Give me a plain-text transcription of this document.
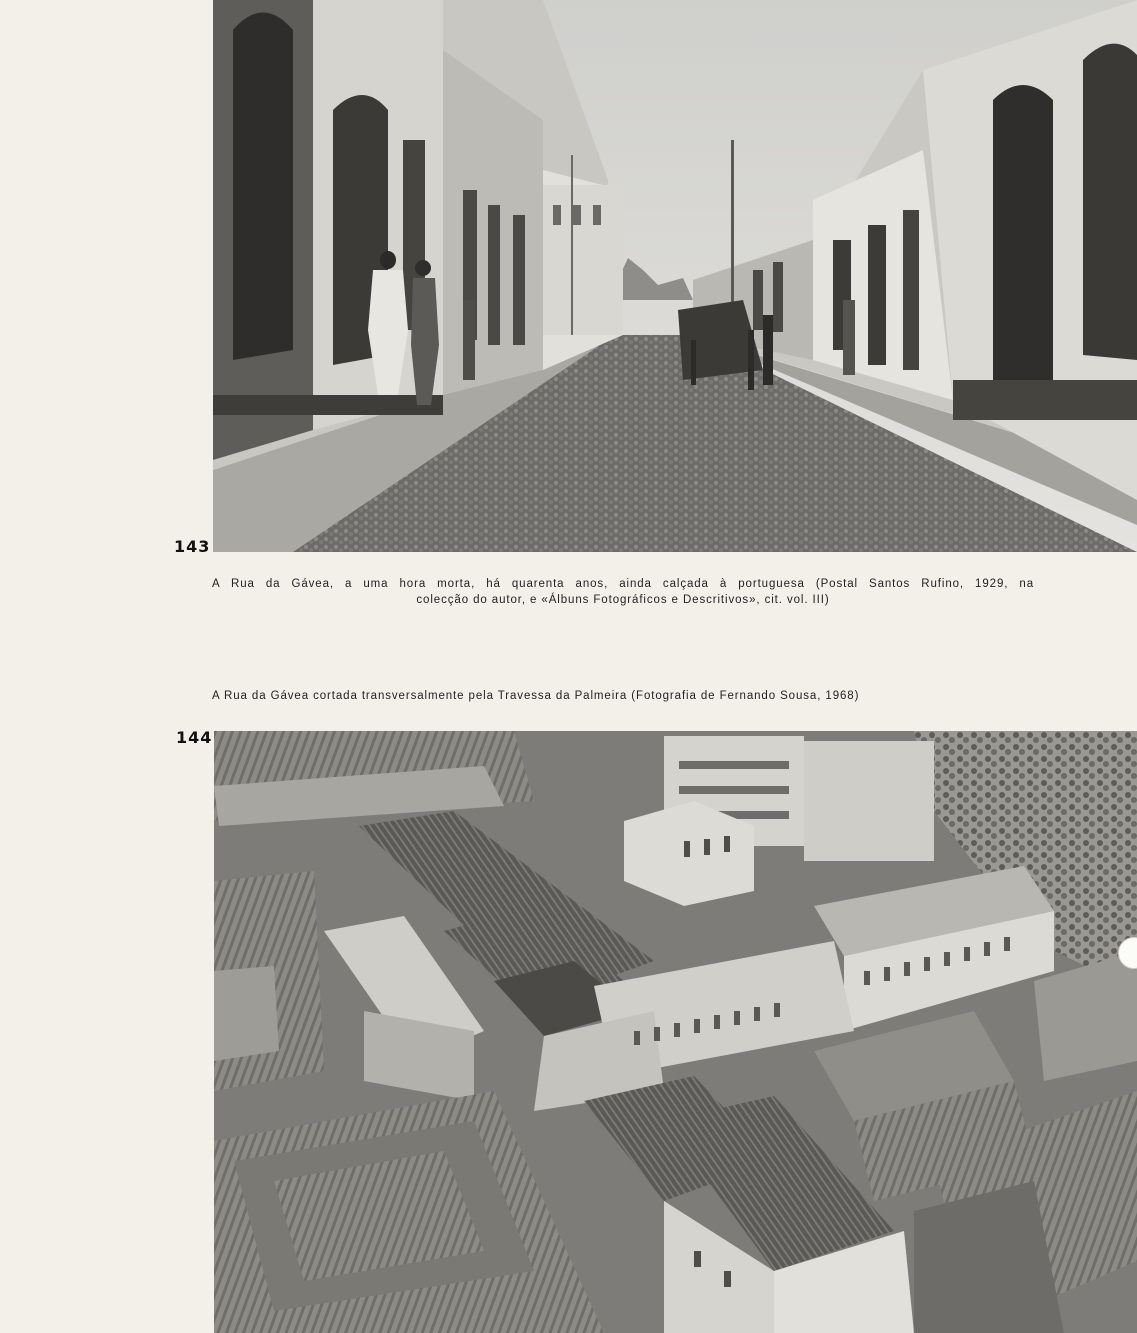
143
A Rua da Gávea, a uma hora morta, há quarenta anos, ainda calçada à portuguesa (Postal Santos Rufino, 1929, na
colecção do autor, e «Álbuns Fotográficos e Descritivos», cit. vol. III)
A Rua da Gávea cortada transversalmente pela Travessa da Palmeira (Fotografia de Fernando Sousa, 1968)
144
